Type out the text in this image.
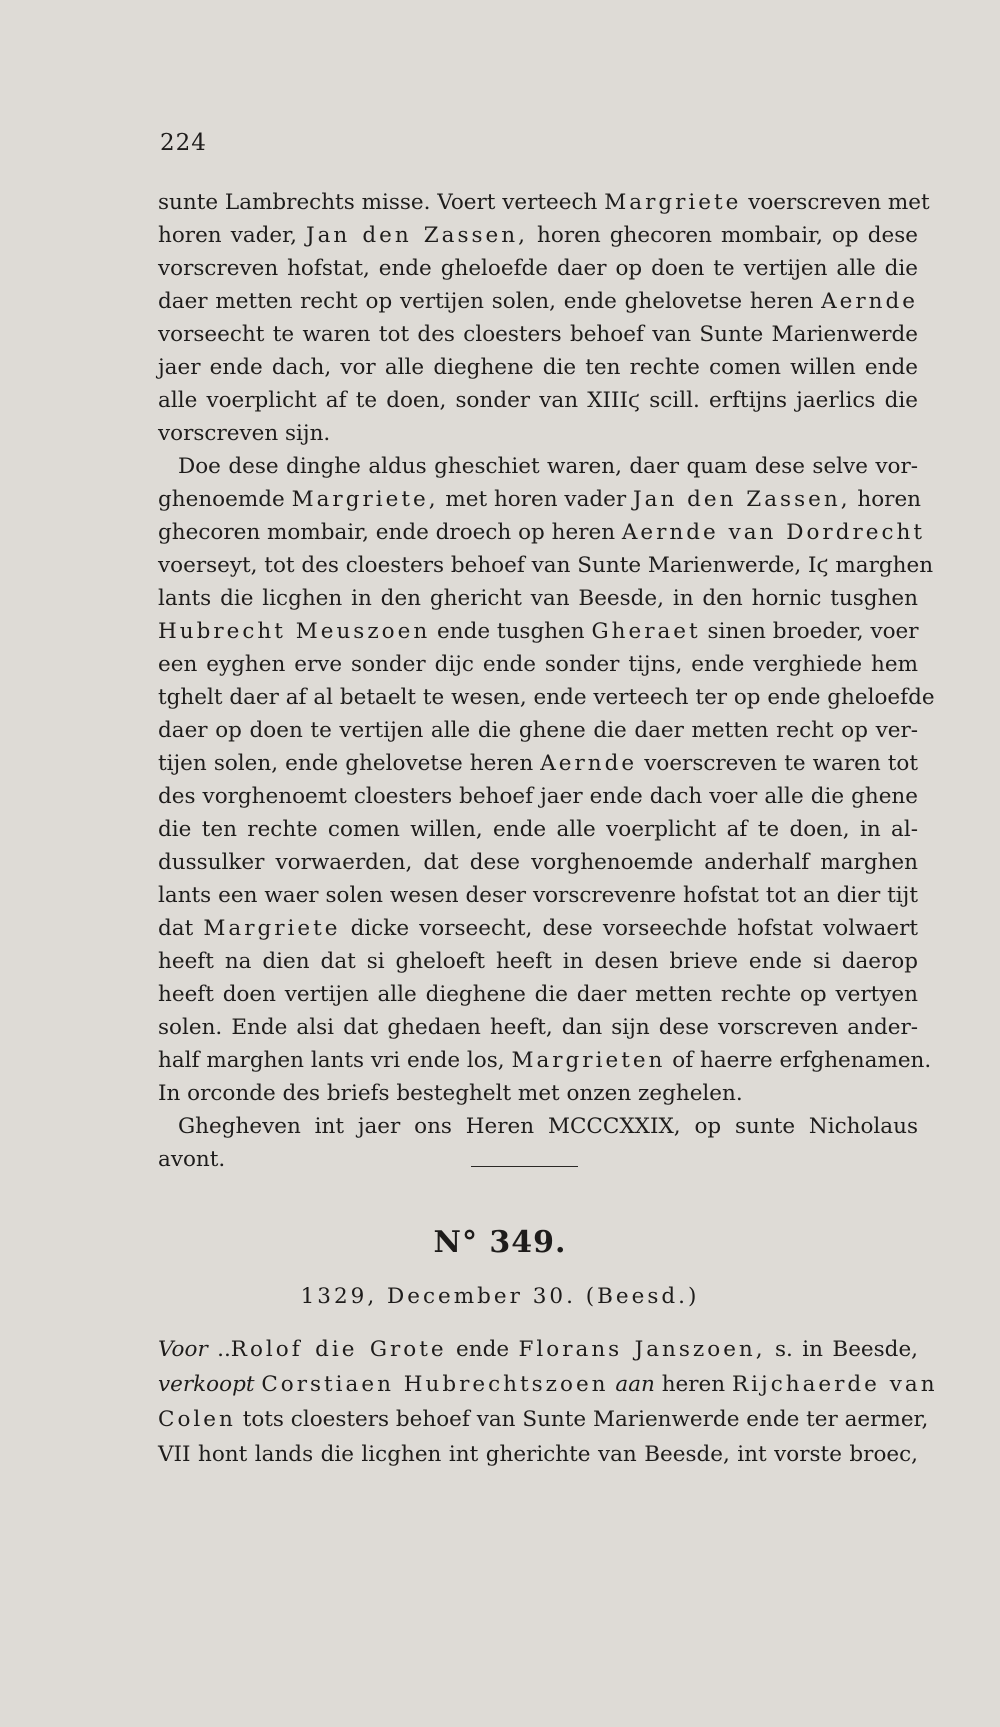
224
sunte Lambrechts misse. Voert verteech Margriete voerscreven met
horen vader, Jan den Zassen, horen ghecoren mombair, op dese
vorscreven hofstat, ende gheloefde daer op doen te vertijen alle die
daer metten recht op vertijen solen, ende ghelovetse heren Aernde
vorseecht te waren tot des cloesters behoef van Sunte Marienwerde
jaer ende dach, vor alle dieghene die ten rechte comen willen ende
alle voerplicht af te doen, sonder van XIIIϛ scill. erftijns jaerlics die
vorscreven sijn.
Doe dese dinghe aldus gheschiet waren, daer quam dese selve vor-
ghenoemde Margriete, met horen vader Jan den Zassen, horen
ghecoren mombair, ende droech op heren Aernde van Dordrecht
voerseyt, tot des cloesters behoef van Sunte Marienwerde, Iϛ marghen
lants die licghen in den ghericht van Beesde, in den hornic tusghen
Hubrecht Meuszoen ende tusghen Gheraet sinen broeder, voer
een eyghen erve sonder dijc ende sonder tijns, ende verghiede hem
tghelt daer af al betaelt te wesen, ende verteech ter op ende gheloefde
daer op doen te vertijen alle die ghene die daer metten recht op ver-
tijen solen, ende ghelovetse heren Aernde voerscreven te waren tot
des vorghenoemt cloesters behoef jaer ende dach voer alle die ghene
die ten rechte comen willen, ende alle voerplicht af te doen, in al-
dussulker vorwaerden, dat dese vorghenoemde anderhalf marghen
lants een waer solen wesen deser vorscrevenre hofstat tot an dier tijt
dat Margriete dicke vorseecht, dese vorseechde hofstat volwaert
heeft na dien dat si gheloeft heeft in desen brieve ende si daerop
heeft doen vertijen alle dieghene die daer metten rechte op vertyen
solen. Ende alsi dat ghedaen heeft, dan sijn dese vorscreven ander-
half marghen lants vri ende los, Margrieten of haerre erfghenamen.
In orconde des briefs besteghelt met onzen zeghelen.
Ghegheven int jaer ons Heren MCCCXXIX, op sunte Nicholaus
avont.
N° 349.
1329, December 30. (Beesd.)
Voor ..Rolof die Grote ende Florans Janszoen, s. in Beesde,
verkoopt Corstiaen Hubrechtszoen aan heren Rijchaerde van
Colen tots cloesters behoef van Sunte Marienwerde ende ter aermer,
VII hont lands die licghen int gherichte van Beesde, int vorste broec,
